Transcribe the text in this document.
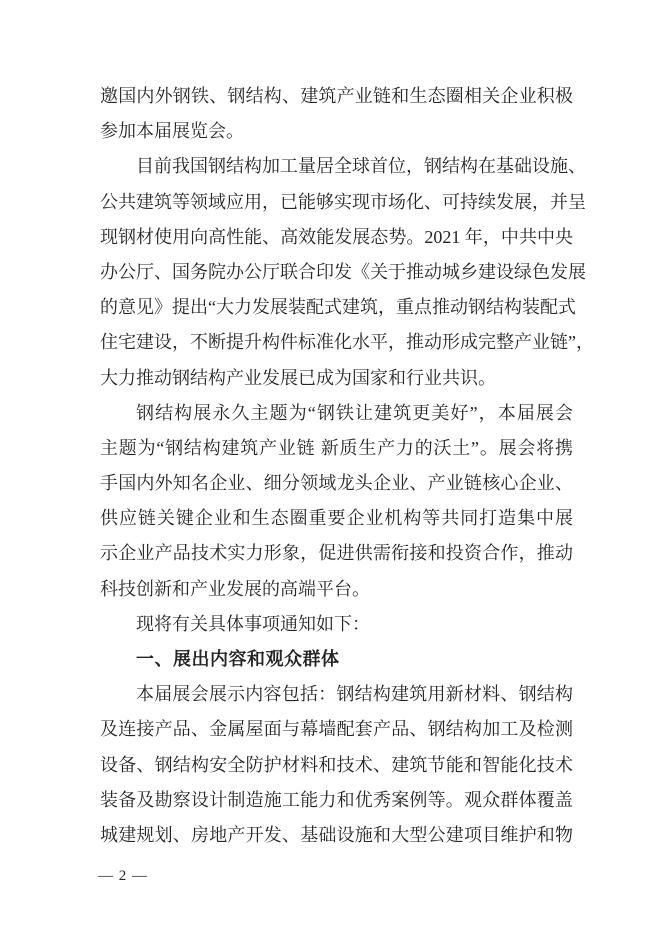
邀国内外钢铁、钢结构、建筑产业链和生态圈相关企业积极
参加本届展览会。
目前我国钢结构加工量居全球首位，钢结构在基础设施、
公共建筑等领域应用，已能够实现市场化、可持续发展，并呈
现钢材使用向高性能、高效能发展态势。2021 年，中共中央
办公厅、国务院办公厅联合印发《关于推动城乡建设绿色发展
的意见》提出“大力发展装配式建筑，重点推动钢结构装配式
住宅建设，不断提升构件标准化水平，推动形成完整产业链”，
大力推动钢结构产业发展已成为国家和行业共识。
钢结构展永久主题为“钢铁让建筑更美好”，本届展会
主题为“钢结构建筑产业链 新质生产力的沃土”。展会将携
手国内外知名企业、细分领域龙头企业、产业链核心企业、
供应链关键企业和生态圈重要企业机构等共同打造集中展
示企业产品技术实力形象，促进供需衔接和投资合作，推动
科技创新和产业发展的高端平台。
现将有关具体事项通知如下：
一、展出内容和观众群体
本届展会展示内容包括：钢结构建筑用新材料、钢结构
及连接产品、金属屋面与幕墙配套产品、钢结构加工及检测
设备、钢结构安全防护材料和技术、建筑节能和智能化技术
装备及勘察设计制造施工能力和优秀案例等。观众群体覆盖
城建规划、房地产开发、基础设施和大型公建项目维护和物
— 2 —
